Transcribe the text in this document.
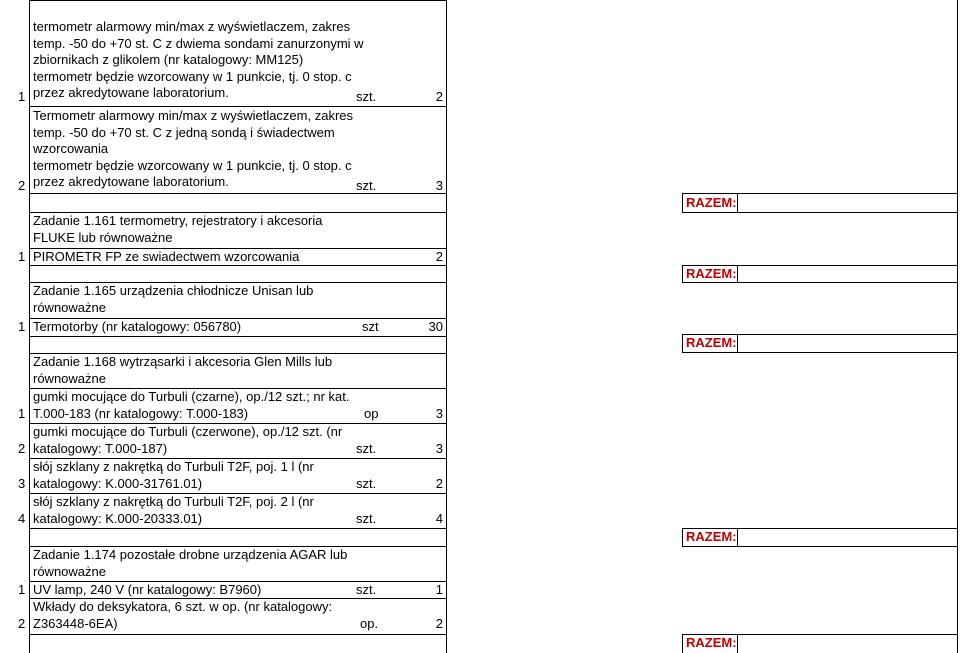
termometr alarmowy min/max z wyświetlaczem, zakres
temp. -50 do +70 st. C z dwiema sondami zanurzonymi w
zbiornikach z glikolem (nr katalogowy: MM125)
termometr będzie wzorcowany w 1 punkcie, tj. 0 stop. c
przez akredytowane laboratorium.
1	szt.	2
Termometr alarmowy min/max z wyświetlaczem, zakres
temp. -50 do +70 st. C z jedną sondą i świadectwem
wzorcowania
termometr będzie wzorcowany w 1 punkcie, tj. 0 stop. c
przez akredytowane laboratorium.
2	szt.	3
RAZEM:
Zadanie 1.161 termometry, rejestratory i akcesoria
FLUKE lub równoważne
1 PIROMETR FP ze swiadectwem wzorcowania	2
RAZEM:
Zadanie 1.165 urządzenia chłodnicze Unisan lub
równoważne
1 Termotorby (nr katalogowy: 056780)	szt	30
RAZEM:
Zadanie 1.168 wytrząsarki i akcesoria Glen Mills lub
równoważne
gumki mocujące do Turbuli (czarne), op./12 szt.; nr kat.
T.000-183 (nr katalogowy: T.000-183)
1	op	3
gumki mocujące do Turbuli (czerwone), op./12 szt. (nr
katalogowy: T.000-187)
2	szt.	3
słój szklany z nakrętką do Turbuli T2F, poj. 1 l (nr
katalogowy: K.000-31761.01)
3	szt.	2
słój szklany z nakrętką do Turbuli T2F, poj. 2 l (nr
katalogowy: K.000-20333.01)
4	szt.	4
RAZEM:
Zadanie 1.174 pozostałe drobne urządzenia AGAR lub
równoważne
1 UV lamp, 240 V (nr katalogowy: B7960)	szt.	1
Wkłady do deksykatora, 6 szt. w op. (nr katalogowy:
Z363448-6EA)
2	op.	2
RAZEM:
